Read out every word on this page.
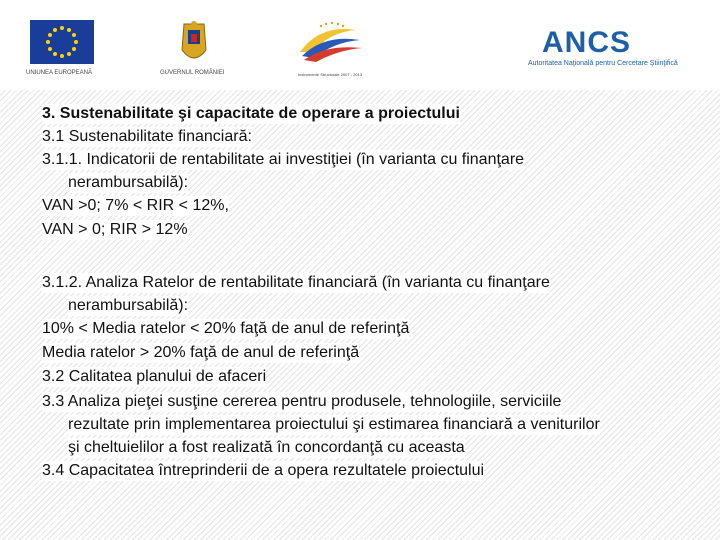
UNIUNEA EUROPEANĂ	GUVERNUL ROMÂNIEI	Instrumente Structurale 2007 - 2013
ANCS
Autoritatea Naţională pentru Cercetare Ştiinţifică
3. Sustenabilitate şi capacitate de operare a proiectului
3.1 Sustenabilitate financiară:
3.1.1. Indicatorii de rentabilitate ai investiţiei (în varianta cu finanţare
nerambursabilă):
VAN >0; 7% < RIR < 12%,
VAN > 0; RIR > 12%
3.1.2. Analiza Ratelor de rentabilitate financiară (în varianta cu finanţare
nerambursabilă):
10% < Media ratelor < 20% faţă de anul de referinţă
Media ratelor > 20% faţă de anul de referinţă
3.2 Calitatea planului de afaceri
3.3 Analiza pieţei susţine cererea pentru produsele, tehnologiile, serviciile
rezultate prin implementarea proiectului şi estimarea financiară a veniturilor
şi cheltuielilor a fost realizată în concordanţă cu aceasta
3.4 Capacitatea întreprinderii de a opera rezultatele proiectului
